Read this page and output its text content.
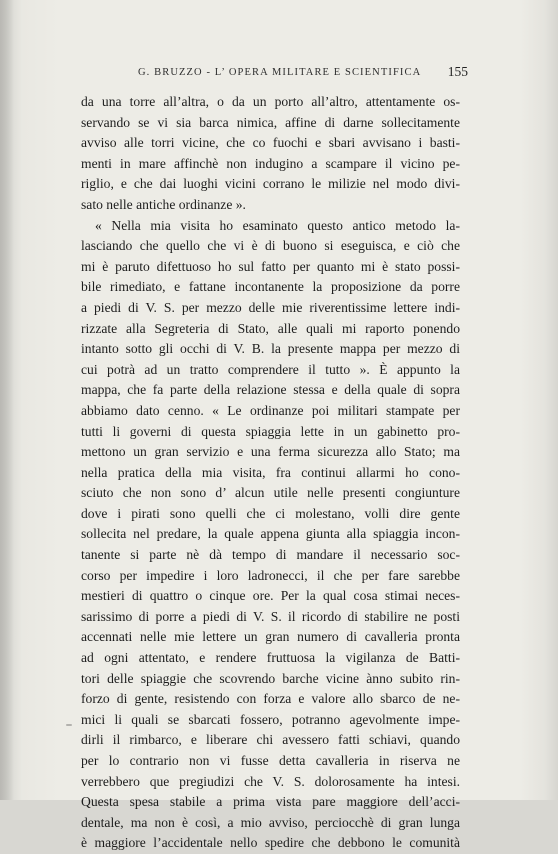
G. BRUZZO - L’ OPERA MILITARE E SCIENTIFICA 155
da una torre all’altra, o da un porto all’altro, attentamente os-
servando se vi sia barca nimica, affine di darne sollecitamente
avviso alle torri vicine, che co fuochi e sbari avvisano i basti-
menti in mare affinchè non indugino a scampare il vicino pe-
riglio, e che dai luoghi vicini corrano le milizie nel modo divi-
sato nelle antiche ordinanze ».
« Nella mia visita ho esaminato questo antico metodo la-
lasciando che quello che vi è di buono si eseguisca, e ciò che
mi è paruto difettuoso ho sul fatto per quanto mi è stato possi-
bile rimediato, e fattane incontanente la proposizione da porre
a piedi di V. S. per mezzo delle mie riverentissime lettere indi-
rizzate alla Segreteria di Stato, alle quali mi raporto ponendo
intanto sotto gli occhi di V. B. la presente mappa per mezzo di
cui potrà ad un tratto comprendere il tutto ». È appunto la
mappa, che fa parte della relazione stessa e della quale di sopra
abbiamo dato cenno. « Le ordinanze poi militari stampate per
tutti li governi di questa spiaggia lette in un gabinetto pro-
mettono un gran servizio e una ferma sicurezza allo Stato; ma
nella pratica della mia visita, fra continui allarmi ho cono-
sciuto che non sono d’ alcun utile nelle presenti congiunture
dove i pirati sono quelli che ci molestano, volli dire gente
sollecita nel predare, la quale appena giunta alla spiaggia incon-
tanente si parte nè dà tempo di mandare il necessario soc-
corso per impedire i loro ladronecci, il che per fare sarebbe
mestieri di quattro o cinque ore. Per la qual cosa stimai neces-
sarissimo di porre a piedi di V. S. il ricordo di stabilire ne posti
accennati nelle mie lettere un gran numero di cavalleria pronta
ad ogni attentato, e rendere fruttuosa la vigilanza de Batti-
tori delle spiaggie che scovrendo barche vicine ànno subito rin-
forzo di gente, resistendo con forza e valore allo sbarco de ne-
mici li quali se sbarcati fossero, potranno agevolmente impe-
dirli il rimbarco, e liberare chi avessero fatti schiavi, quando
per lo contrario non vi fusse detta cavalleria in riserva ne
verrebbero que pregiudizi che V. S. dolorosamente ha intesi.
Questa spesa stabile a prima vista pare maggiore dell’acci-
dentale, ma non è così, a mio avviso, perciocchè di gran lunga
è maggiore l’accidentale nello spedire che debbono le comunità
